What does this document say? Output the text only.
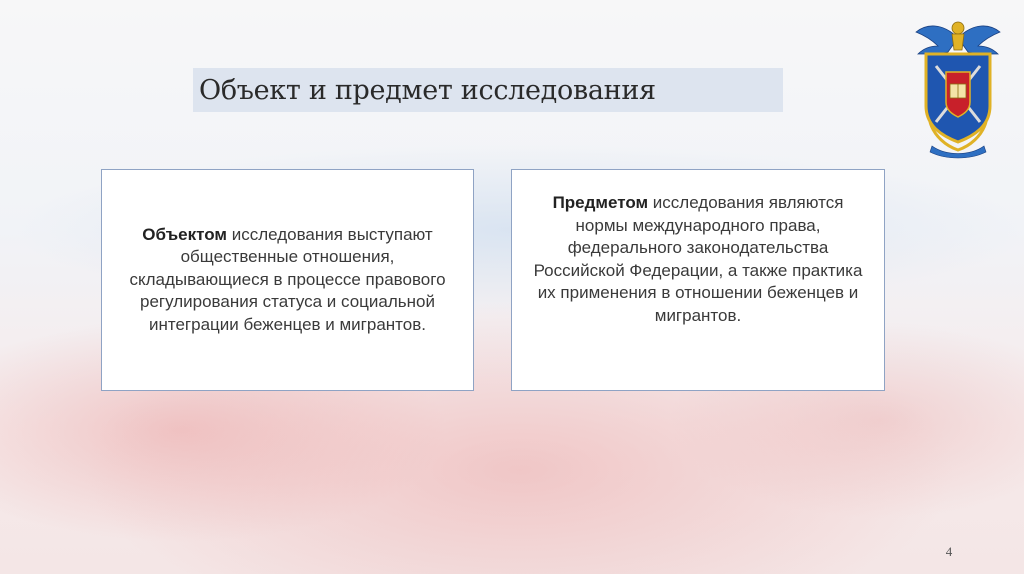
Объект и предмет исследования

Объектом исследования выступают общественные отношения, складывающиеся в процессе правового регулирования статуса и социальной интеграции беженцев и мигрантов.

Предметом исследования являются нормы международного права, федерального законодательства Российской Федерации, а также практика их применения в отношении беженцев и мигрантов.

4
